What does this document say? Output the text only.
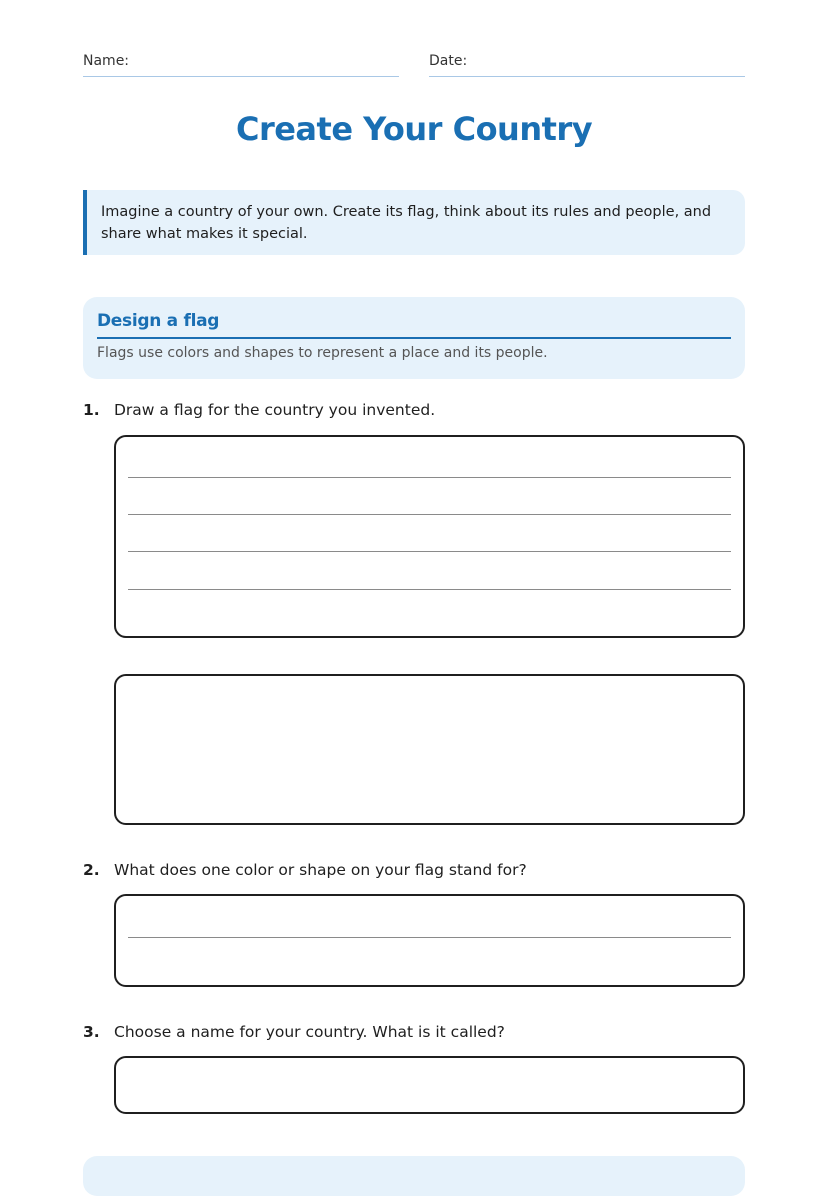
Name:	Date:
Create Your Country
Imagine a country of your own. Create its flag, think about its rules and people, and share what makes it special.
Design a flag
Flags use colors and shapes to represent a place and its people.
1. Draw a flag for the country you invented.
2. What does one color or shape on your flag stand for?
3. Choose a name for your country. What is it called?
